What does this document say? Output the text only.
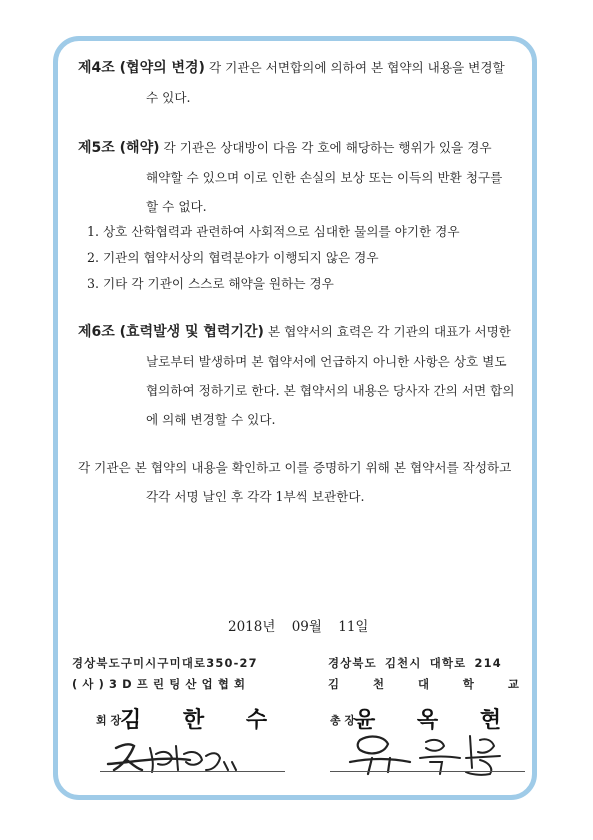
제4조 (협약의 변경) 각 기관은 서면합의에 의하여 본 협약의 내용을 변경할
수 있다.
제5조 (해약) 각 기관은 상대방이 다음 각 호에 해당하는 행위가 있을 경우
해약할 수 있으며 이로 인한 손실의 보상 또는 이득의 반환 청구를
할 수 없다.
1. 상호 산학협력과 관련하여 사회적으로 심대한 물의를 야기한 경우
2. 기관의 협약서상의 협력분야가 이행되지 않은 경우
3. 기타 각 기관이 스스로 해약을 원하는 경우
제6조 (효력발생 및 협력기간) 본 협약서의 효력은 각 기관의 대표가 서명한
날로부터 발생하며 본 협약서에 언급하지 아니한 사항은 상호 별도
협의하여 정하기로 한다. 본 협약서의 내용은 당사자 간의 서면 합의
에 의해 변경할 수 있다.
각 기관은 본 협약의 내용을 확인하고 이를 증명하기 위해 본 협약서를 작성하고
각각 서명 날인 후 각각 1부씩 보관한다.
2018년 09월 11일
경상북도구미시구미대로350-27
(사)3D프린팅산업협회
회 장
김 한 수
경상북도 김천시 대학로 214
김 천 대 학 교
총 장
윤 옥 현
